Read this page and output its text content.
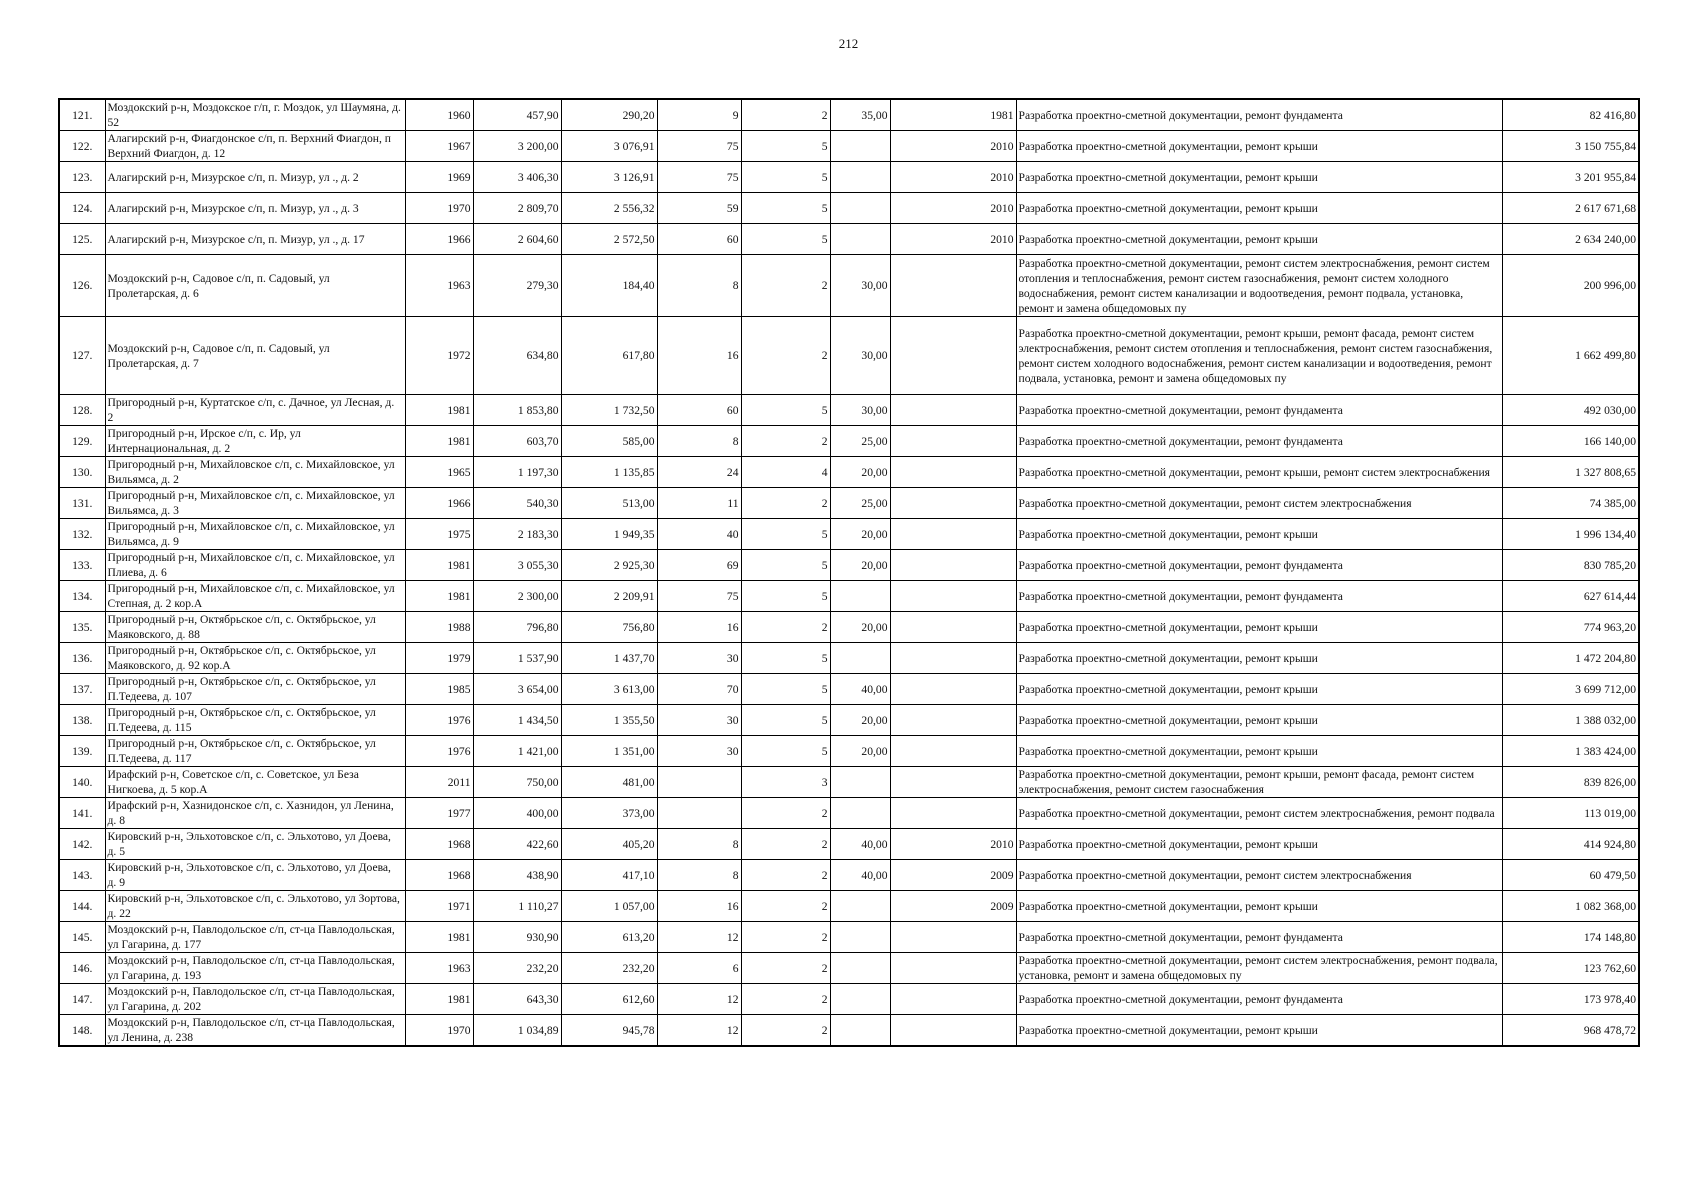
212
121.	Моздокский р-н, Моздокское г/п, г. Моздок, ул Шаумяна, д. 52	1960	457,90	290,20	9	2	35,00	1981	Разработка проектно-сметной документации, ремонт фундамента	82 416,80
122.	Алагирский р-н, Фиагдонское с/п, п. Верхний Фиагдон, п Верхний Фиагдон, д. 12	1967	3 200,00	3 076,91	75	5		2010	Разработка проектно-сметной документации, ремонт крыши	3 150 755,84
123.	Алагирский р-н, Мизурское с/п, п. Мизур, ул ., д. 2	1969	3 406,30	3 126,91	75	5		2010	Разработка проектно-сметной документации, ремонт крыши	3 201 955,84
124.	Алагирский р-н, Мизурское с/п, п. Мизур, ул ., д. 3	1970	2 809,70	2 556,32	59	5		2010	Разработка проектно-сметной документации, ремонт крыши	2 617 671,68
125.	Алагирский р-н, Мизурское с/п, п. Мизур, ул ., д. 17	1966	2 604,60	2 572,50	60	5		2010	Разработка проектно-сметной документации, ремонт крыши	2 634 240,00
126.	Моздокский р-н, Садовое с/п, п. Садовый, ул Пролетарская, д. 6	1963	279,30	184,40	8	2	30,00		Разработка проектно-сметной документации, ремонт систем электроснабжения, ремонт систем отопления и теплоснабжения, ремонт систем газоснабжения, ремонт систем холодного водоснабжения, ремонт систем канализации и водоотведения, ремонт подвала, установка, ремонт и замена общедомовых пу	200 996,00
127.	Моздокский р-н, Садовое с/п, п. Садовый, ул Пролетарская, д. 7	1972	634,80	617,80	16	2	30,00		Разработка проектно-сметной документации, ремонт крыши, ремонт фасада, ремонт систем электроснабжения, ремонт систем отопления и теплоснабжения, ремонт систем газоснабжения, ремонт систем холодного водоснабжения, ремонт систем канализации и водоотведения, ремонт подвала, установка, ремонт и замена общедомовых пу	1 662 499,80
128.	Пригородный р-н, Куртатское с/п, с. Дачное, ул Лесная, д. 2	1981	1 853,80	1 732,50	60	5	30,00		Разработка проектно-сметной документации, ремонт фундамента	492 030,00
129.	Пригородный р-н, Ирское с/п, с. Ир, ул Интернациональная, д. 2	1981	603,70	585,00	8	2	25,00		Разработка проектно-сметной документации, ремонт фундамента	166 140,00
130.	Пригородный р-н, Михайловское с/п, с. Михайловское, ул Вильямса, д. 2	1965	1 197,30	1 135,85	24	4	20,00		Разработка проектно-сметной документации, ремонт крыши, ремонт систем электроснабжения	1 327 808,65
131.	Пригородный р-н, Михайловское с/п, с. Михайловское, ул Вильямса, д. 3	1966	540,30	513,00	11	2	25,00		Разработка проектно-сметной документации, ремонт систем электроснабжения	74 385,00
132.	Пригородный р-н, Михайловское с/п, с. Михайловское, ул Вильямса, д. 9	1975	2 183,30	1 949,35	40	5	20,00		Разработка проектно-сметной документации, ремонт крыши	1 996 134,40
133.	Пригородный р-н, Михайловское с/п, с. Михайловское, ул Плиева, д. 6	1981	3 055,30	2 925,30	69	5	20,00		Разработка проектно-сметной документации, ремонт фундамента	830 785,20
134.	Пригородный р-н, Михайловское с/п, с. Михайловское, ул Степная, д. 2 кор.А	1981	2 300,00	2 209,91	75	5			Разработка проектно-сметной документации, ремонт фундамента	627 614,44
135.	Пригородный р-н, Октябрьское с/п, с. Октябрьское, ул Маяковского, д. 88	1988	796,80	756,80	16	2	20,00		Разработка проектно-сметной документации, ремонт крыши	774 963,20
136.	Пригородный р-н, Октябрьское с/п, с. Октябрьское, ул Маяковского, д. 92 кор.А	1979	1 537,90	1 437,70	30	5			Разработка проектно-сметной документации, ремонт крыши	1 472 204,80
137.	Пригородный р-н, Октябрьское с/п, с. Октябрьское, ул П.Тедеева, д. 107	1985	3 654,00	3 613,00	70	5	40,00		Разработка проектно-сметной документации, ремонт крыши	3 699 712,00
138.	Пригородный р-н, Октябрьское с/п, с. Октябрьское, ул П.Тедеева, д. 115	1976	1 434,50	1 355,50	30	5	20,00		Разработка проектно-сметной документации, ремонт крыши	1 388 032,00
139.	Пригородный р-н, Октябрьское с/п, с. Октябрьское, ул П.Тедеева, д. 117	1976	1 421,00	1 351,00	30	5	20,00		Разработка проектно-сметной документации, ремонт крыши	1 383 424,00
140.	Ирафский р-н, Советское с/п, с. Советское, ул Беза Нигкоева, д. 5 кор.А	2011	750,00	481,00		3			Разработка проектно-сметной документации, ремонт крыши, ремонт фасада, ремонт систем электроснабжения, ремонт систем газоснабжения	839 826,00
141.	Ирафский р-н, Хазнидонское с/п, с. Хазнидон, ул Ленина, д. 8	1977	400,00	373,00		2			Разработка проектно-сметной документации, ремонт систем электроснабжения, ремонт подвала	113 019,00
142.	Кировский р-н, Эльхотовское с/п, с. Эльхотово, ул Доева, д. 5	1968	422,60	405,20	8	2	40,00	2010	Разработка проектно-сметной документации, ремонт крыши	414 924,80
143.	Кировский р-н, Эльхотовское с/п, с. Эльхотово, ул Доева, д. 9	1968	438,90	417,10	8	2	40,00	2009	Разработка проектно-сметной документации, ремонт систем электроснабжения	60 479,50
144.	Кировский р-н, Эльхотовское с/п, с. Эльхотово, ул Зортова, д. 22	1971	1 110,27	1 057,00	16	2		2009	Разработка проектно-сметной документации, ремонт крыши	1 082 368,00
145.	Моздокский р-н, Павлодольское с/п, ст-ца Павлодольская, ул Гагарина, д. 177	1981	930,90	613,20	12	2			Разработка проектно-сметной документации, ремонт фундамента	174 148,80
146.	Моздокский р-н, Павлодольское с/п, ст-ца Павлодольская, ул Гагарина, д. 193	1963	232,20	232,20	6	2			Разработка проектно-сметной документации, ремонт систем электроснабжения, ремонт подвала, установка, ремонт и замена общедомовых пу	123 762,60
147.	Моздокский р-н, Павлодольское с/п, ст-ца Павлодольская, ул Гагарина, д. 202	1981	643,30	612,60	12	2			Разработка проектно-сметной документации, ремонт фундамента	173 978,40
148.	Моздокский р-н, Павлодольское с/п, ст-ца Павлодольская, ул Ленина, д. 238	1970	1 034,89	945,78	12	2			Разработка проектно-сметной документации, ремонт крыши	968 478,72
